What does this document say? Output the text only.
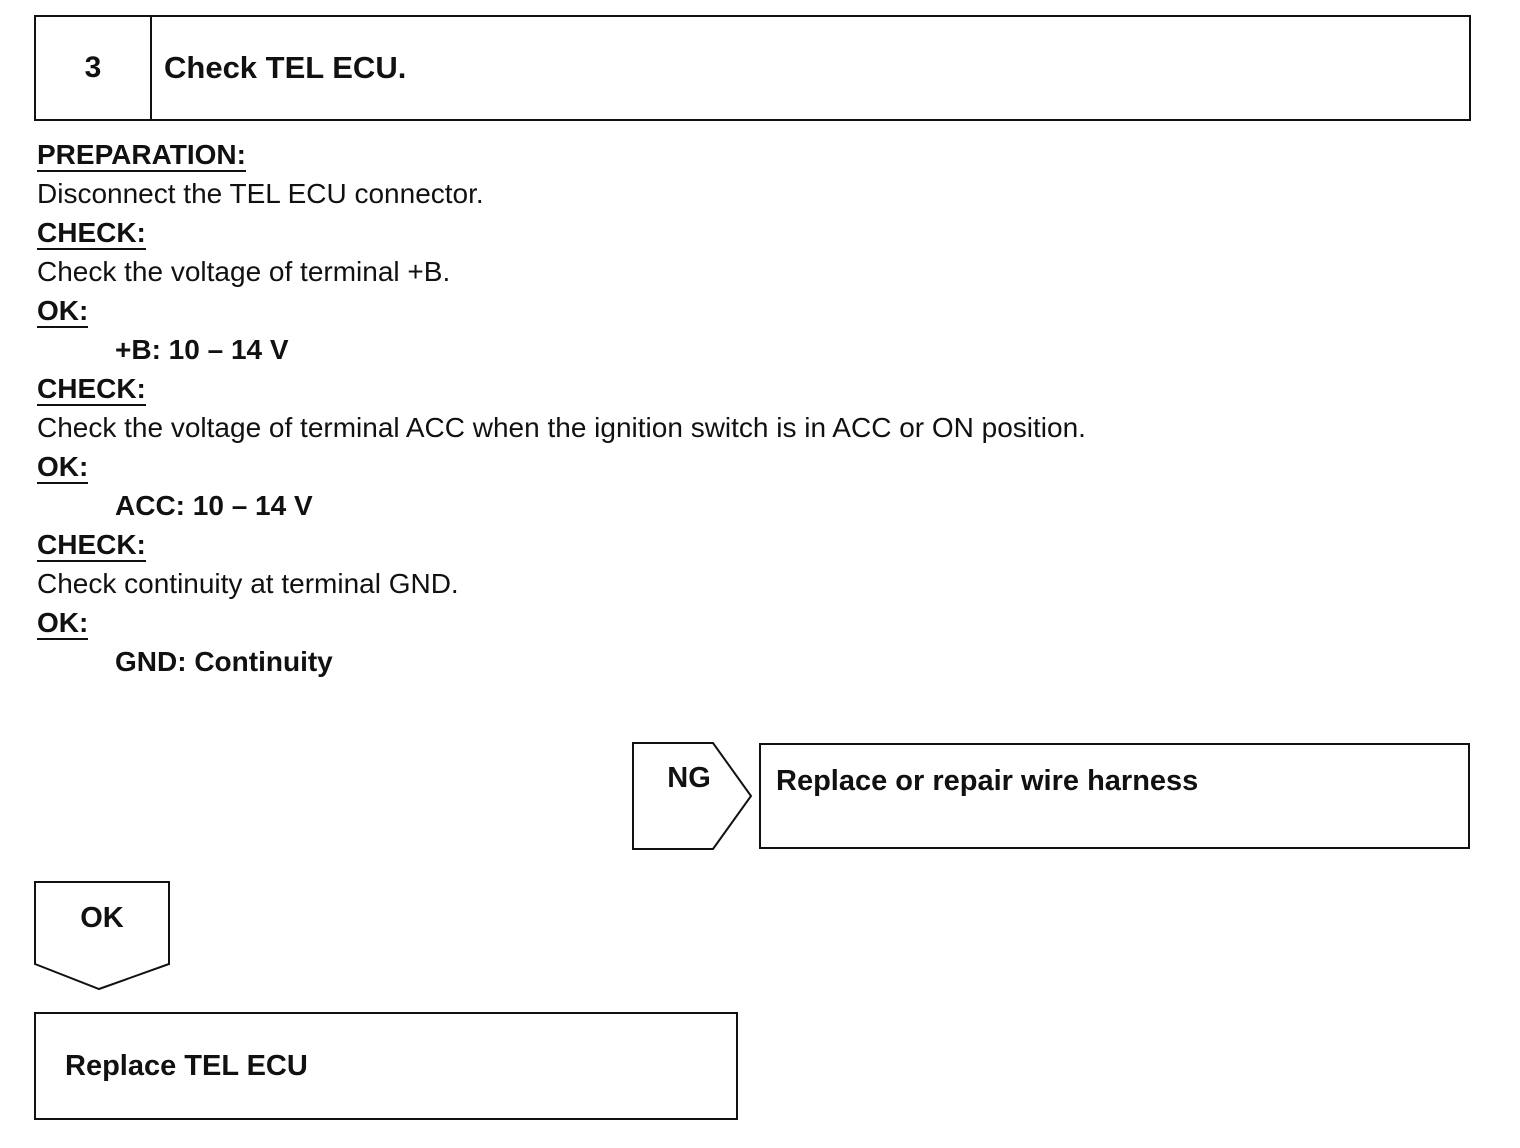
3	Check TEL ECU.
PREPARATION:
Disconnect the TEL ECU connector.
CHECK:
Check the voltage of terminal +B.
OK:
+B: 10 – 14 V
CHECK:
Check the voltage of terminal ACC when the ignition switch is in ACC or ON position.
OK:
ACC: 10 – 14 V
CHECK:
Check continuity at terminal GND.
OK:
GND: Continuity
NG	Replace or repair wire harness
OK
Replace TEL ECU
